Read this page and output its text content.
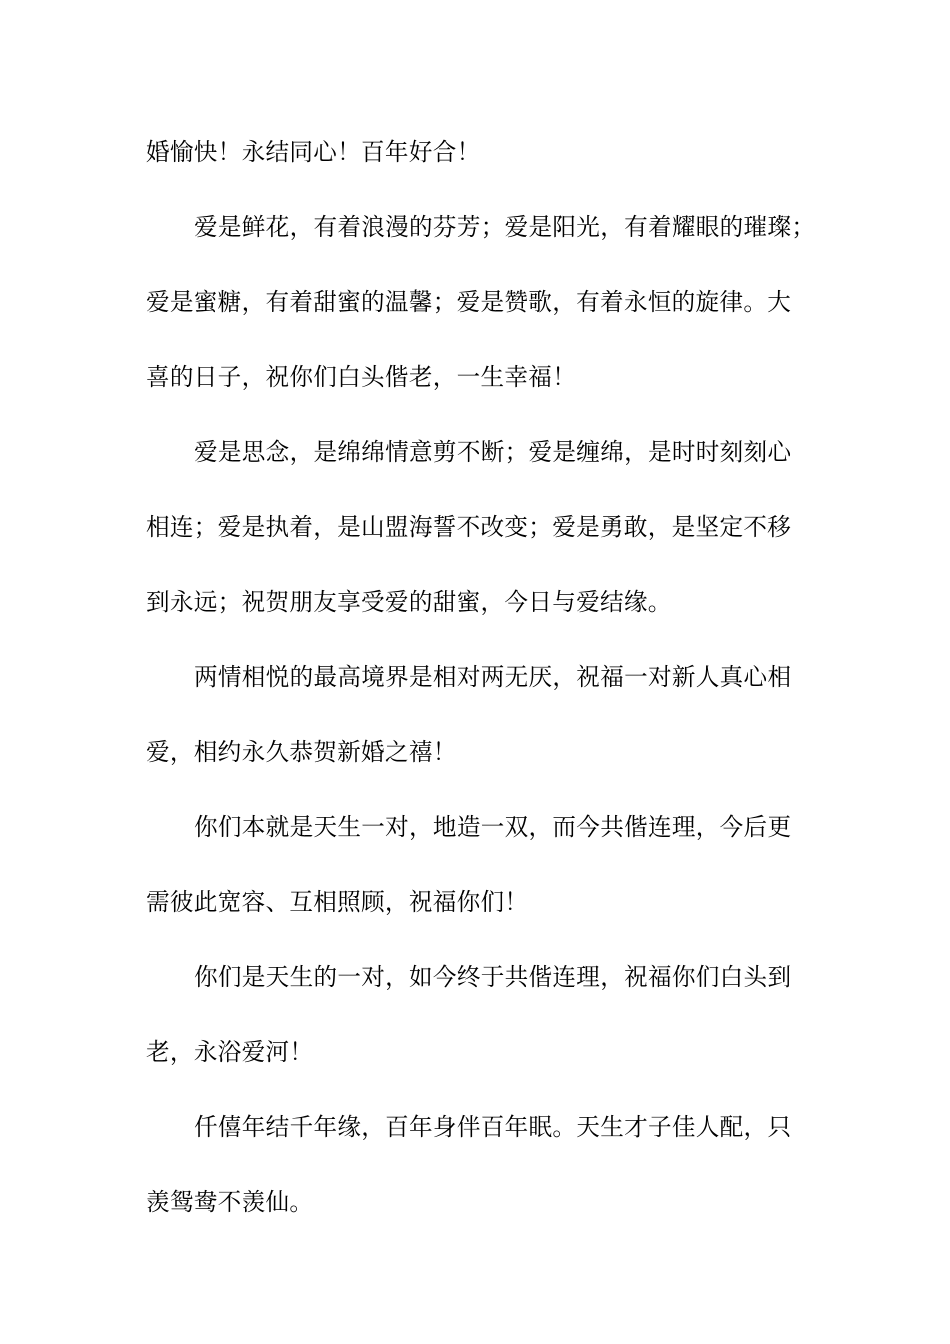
婚愉快！永结同心！百年好合！
爱是鲜花，有着浪漫的芬芳；爱是阳光，有着耀眼的璀璨；
爱是蜜糖，有着甜蜜的温馨；爱是赞歌，有着永恒的旋律。大
喜的日子，祝你们白头偕老，一生幸福！
爱是思念，是绵绵情意剪不断；爱是缠绵，是时时刻刻心
相连；爱是执着，是山盟海誓不改变；爱是勇敢，是坚定不移
到永远；祝贺朋友享受爱的甜蜜，今日与爱结缘。
两情相悦的最高境界是相对两无厌，祝福一对新人真心相
爱，相约永久恭贺新婚之禧！
你们本就是天生一对，地造一双，而今共偕连理，今后更
需彼此宽容、互相照顾，祝福你们！
你们是天生的一对，如今终于共偕连理，祝福你们白头到
老，永浴爱河！
仟僖年结千年缘，百年身伴百年眠。天生才子佳人配，只
羡鸳鸯不羡仙。
